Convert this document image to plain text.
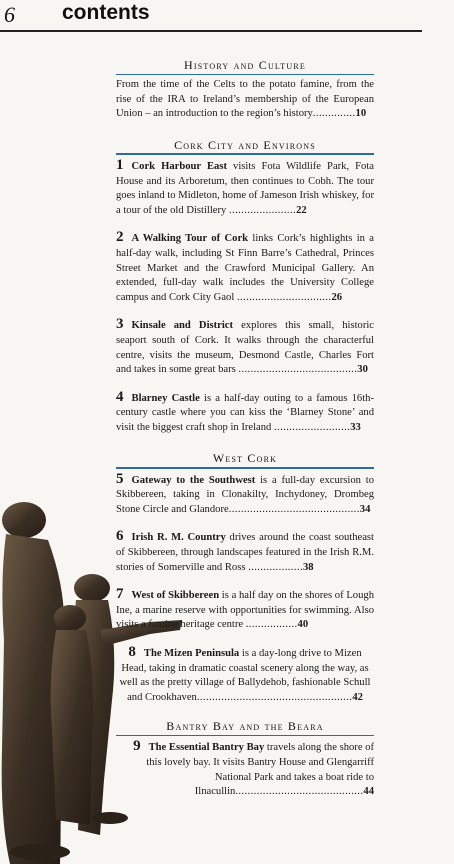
6 contents
History and Culture

From the time of the Celts to the potato famine, from the rise of the IRA to Ireland’s membership of the European Union – an introduction to the region’s history..............10

Cork City and Environs

1 Cork Harbour East visits Fota Wildlife Park, Fota House and its Arboretum, then continues to Cobh. The tour goes inland to Midleton, home of Jameson Irish whiskey, for a tour of the old Distillery ......................22

2 A Walking Tour of Cork links Cork’s highlights in a half-day walk, including St Finn Barre’s Cathedral, Princes Street Market and the Crawford Municipal Gallery. An extended, full-day walk includes the University College campus and Cork City Gaol ...............................26

3 Kinsale and District explores this small, historic seaport south of Cork. It walks through the characterful centre, visits the museum, Desmond Castle, Charles Fort and takes in some great bars .......................................30

4 Blarney Castle is a half-day outing to a famous 16th-century castle where you can kiss the ‘Blarney Stone’ and visit the biggest craft shop in Ireland .........................33

West Cork

5 Gateway to the Southwest is a full-day excursion to Skibbereen, taking in Clonakilty, Inchydoney, Drombeg Stone Circle and Glandore...........................................34

6 Irish R. M. Country drives around the coast southeast of Skibbereen, through landscapes featured in the Irish R.M. stories of Somerville and Ross ..................38

7 West of Skibbereen is a half day on the shores of Lough Ine, a marine reserve with opportunities for swimming. Also visits a famine heritage centre .................40

8 The Mizen Peninsula is a day-long drive to Mizen Head, taking in dramatic coastal scenery along the way, as well as the pretty village of Ballydehob, fashionable Schull and Crookhaven...................................................42

Bantry Bay and the Beara

9 The Essential Bantry Bay travels along the shore of this lovely bay. It visits Bantry House and Glengarriff National Park and takes a boat ride to Ilnacullin..........................................44
